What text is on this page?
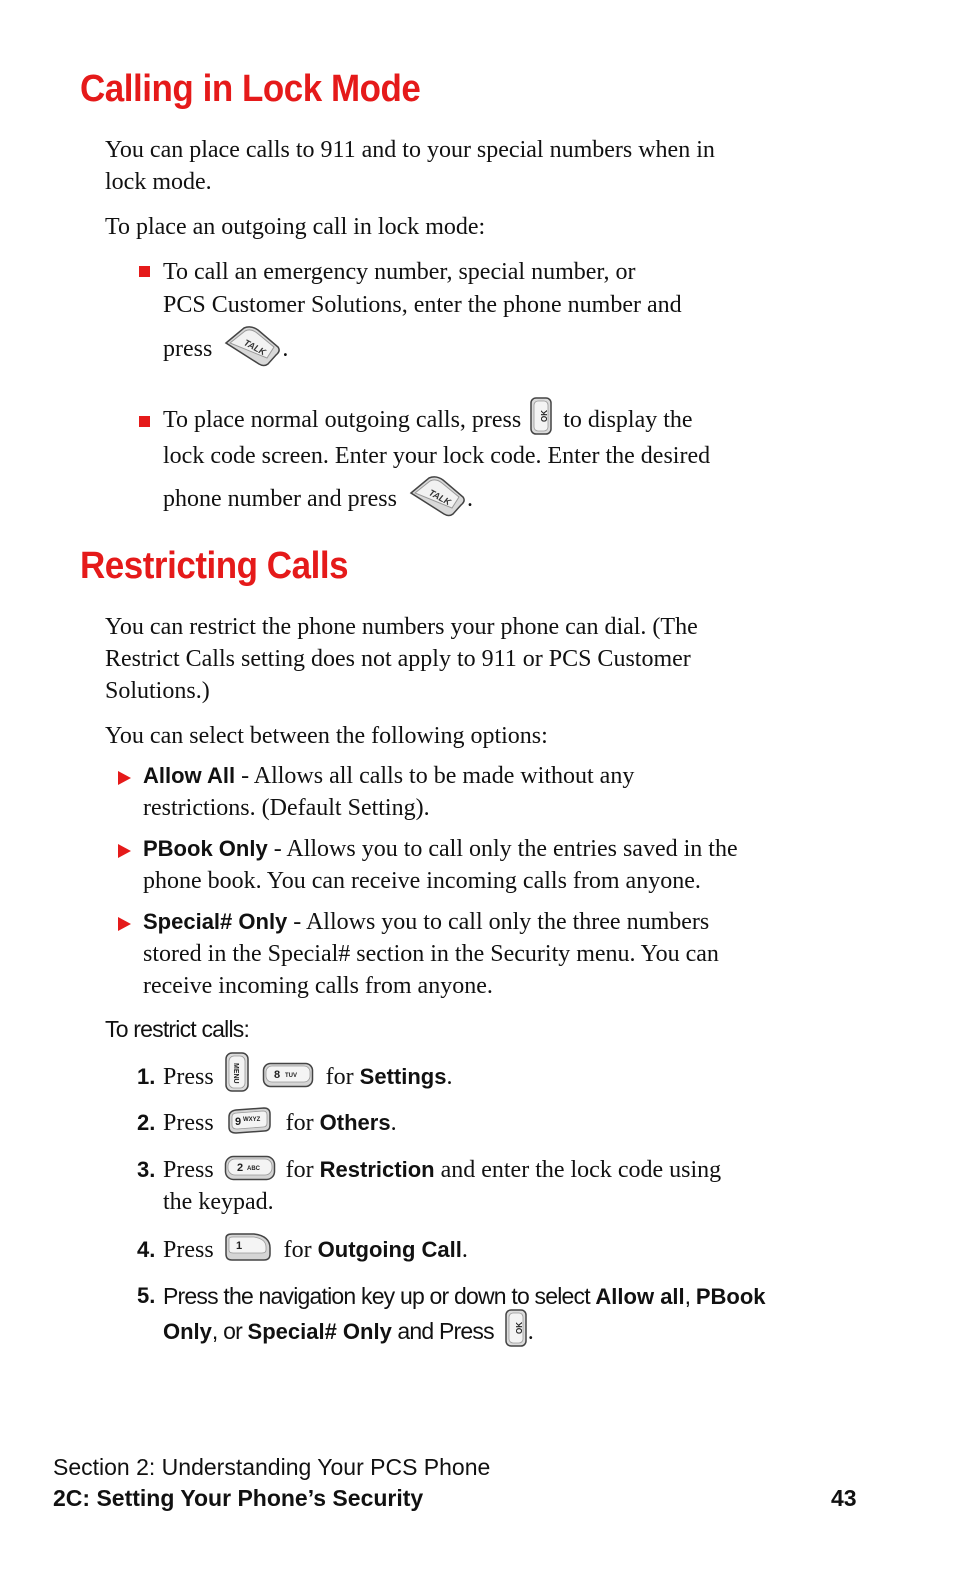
Calling in Lock Mode

You can place calls to 911 and to your special numbers when in
lock mode.

To place an outgoing call in lock mode:

To call an emergency number, special number, or

PCS Customer Solutions, enter the phone number and

press	TALK .

To place normal outgoing calls, press OK to display the

lock code screen. Enter your lock code. Enter the desired

phone number and press	TALK .

Restricting Calls

You can restrict the phone numbers your phone can dial. (The
Restrict Calls setting does not apply to 911 or PCS Customer
Solutions.)

You can select between the following options:

Allow All - Allows all calls to be made without any
restrictions. (Default Setting).

PBook Only - Allows you to call only the entries saved in the
phone book. You can receive incoming calls from anyone.

Special# Only - Allows you to call only the three numbers
stored in the Special# section in the Security menu. You can
receive incoming calls from anyone.

To restrict calls:

1. Press	MENU
	8 TUV for Settings.

2. Press 9 WXYZ for Others.

3. Press 2 ABC for Restriction and enter the lock code using
the keypad.

4. Press 1 for Outgoing Call.

5. Press the navigation key up or down to select Allow all, PBook
Only, or Special# Only and Press	OK .

Section 2: Understanding Your PCS Phone
2C: Setting Your Phone’s Security	43
